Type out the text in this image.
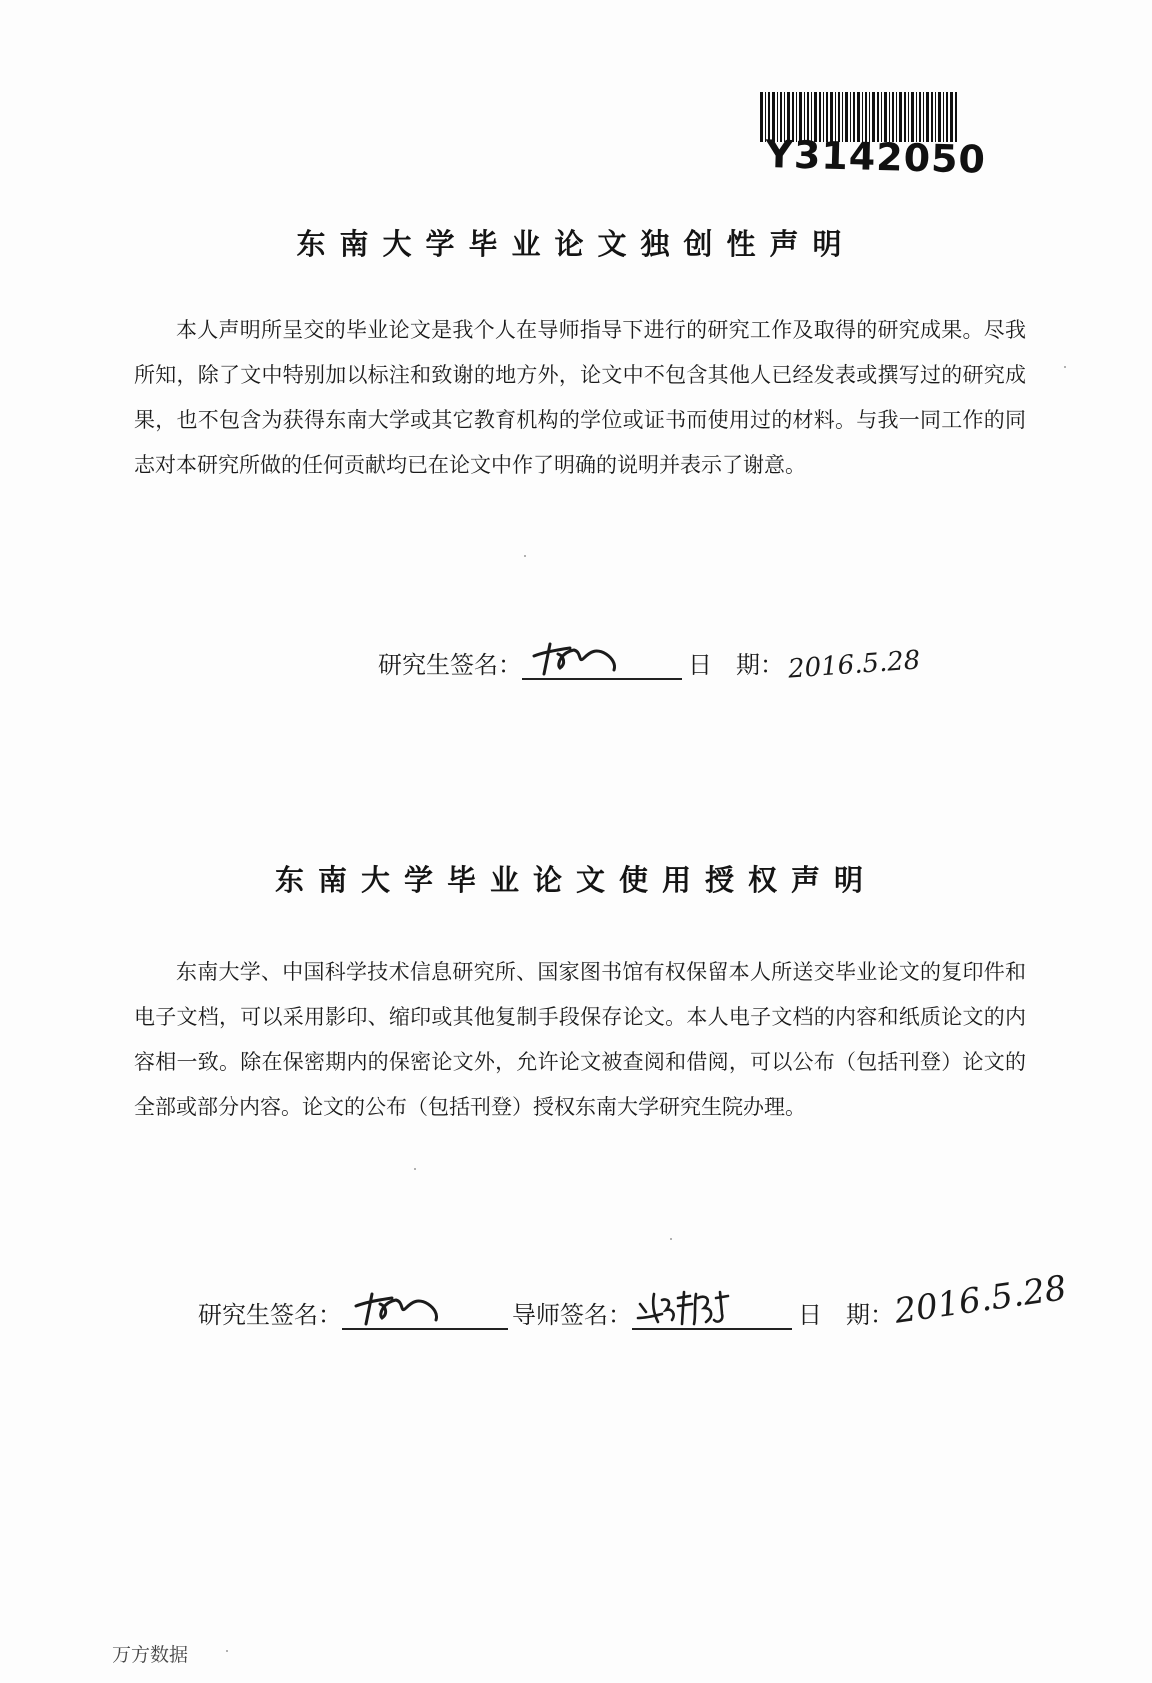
Y3142050
东南大学毕业论文独创性声明
本人声明所呈交的毕业论文是我个人在导师指导下进行的研究工作及取得的研究成果。尽我所知，除了文中特别加以标注和致谢的地方外，论文中不包含其他人已经发表或撰写过的研究成果，也不包含为获得东南大学或其它教育机构的学位或证书而使用过的材料。与我一同工作的同志对本研究所做的任何贡献均已在论文中作了明确的说明并表示了谢意。
研究生签名：	日　期： 2016.5.28
东南大学毕业论文使用授权声明
东南大学、中国科学技术信息研究所、国家图书馆有权保留本人所送交毕业论文的复印件和电子文档，可以采用影印、缩印或其他复制手段保存论文。本人电子文档的内容和纸质论文的内容相一致。除在保密期内的保密论文外，允许论文被查阅和借阅，可以公布（包括刊登）论文的全部或部分内容。论文的公布（包括刊登）授权东南大学研究生院办理。
研究生签名：	导师签名：	日　期：2016.5.28
万方数据
